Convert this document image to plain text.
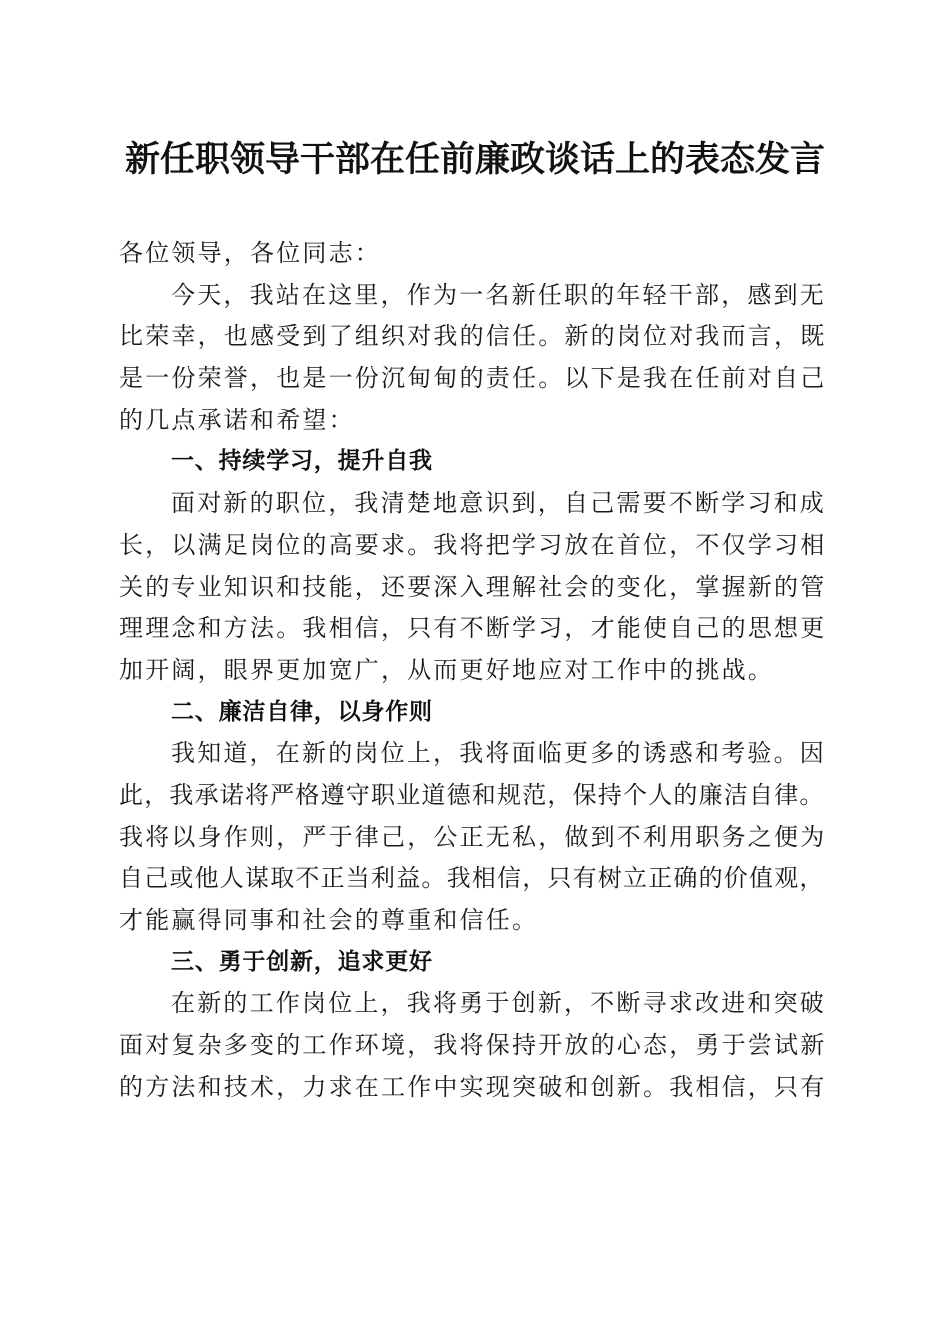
新任职领导干部在任前廉政谈话上的表态发言
各位领导，各位同志：
今天，我站在这里，作为一名新任职的年轻干部，感到无
比荣幸，也感受到了组织对我的信任。新的岗位对我而言，既
是一份荣誉，也是一份沉甸甸的责任。以下是我在任前对自己
的几点承诺和希望：
一、持续学习，提升自我
面对新的职位，我清楚地意识到，自己需要不断学习和成
长，以满足岗位的高要求。我将把学习放在首位，不仅学习相
关的专业知识和技能，还要深入理解社会的变化，掌握新的管
理理念和方法。我相信，只有不断学习，才能使自己的思想更
加开阔，眼界更加宽广，从而更好地应对工作中的挑战。
二、廉洁自律，以身作则
我知道，在新的岗位上，我将面临更多的诱惑和考验。因
此，我承诺将严格遵守职业道德和规范，保持个人的廉洁自律。
我将以身作则，严于律己，公正无私，做到不利用职务之便为
自己或他人谋取不正当利益。我相信，只有树立正确的价值观，
才能赢得同事和社会的尊重和信任。
三、勇于创新，追求更好
在新的工作岗位上，我将勇于创新，不断寻求改进和突破
面对复杂多变的工作环境，我将保持开放的心态，勇于尝试新
的方法和技术，力求在工作中实现突破和创新。我相信，只有
